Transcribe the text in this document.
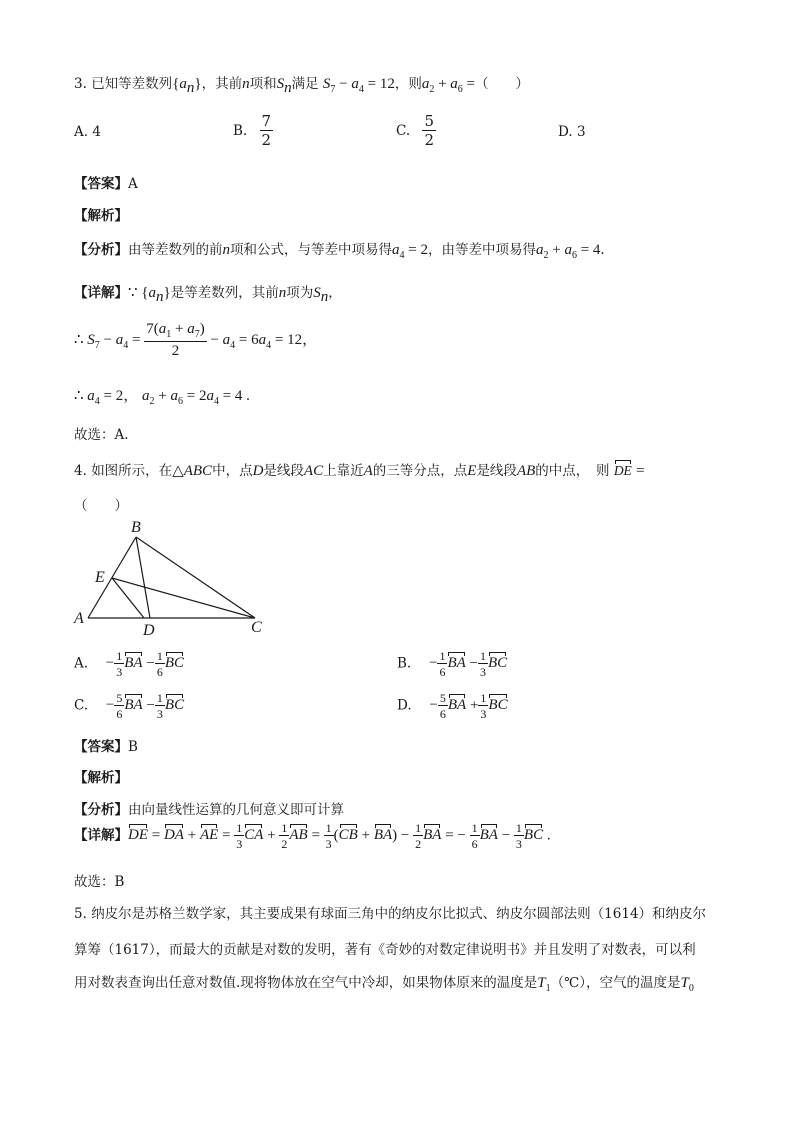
3. 已知等差数列$\{a_n\}$，其前n项和$S_n$满足 $S_7 - a_4 = 12$，则$a_2 + a_6$ =（　　）
A. 4	B. $\frac{7}{2}$	C. $\frac{5}{2}$	D. 3
【答案】A
【解析】
【分析】由等差数列的前n项和公式，与等差中项易得$a_4 = 2$，由等差中项易得$a_2 + a_6 = 4$.
【详解】∵ $\{a_n\}$是等差数列，其前n项为$S_n$，
∴ $S_7 - a_4 = \frac{7(a_1 + a_7)}{2} - a_4 = 6a_4 = 12$，
∴ $a_4 = 2$， $a_2 + a_6 = 2a_4 = 4$ .
故选：A.
4. 如图所示，在△ABC中，点D是线段AC上靠近A的三等分点，点E是线段AB的中点，　则 DE =
（　　）
B
E
A
D	C
A. − $\frac{1}{3}$ BA − $\frac{1}{6}$ BC	B. − $\frac{1}{6}$ BA − $\frac{1}{3}$ BC
C. − $\frac{5}{6}$ BA − $\frac{1}{3}$ BC	D. − $\frac{5}{6}$ BA + $\frac{1}{3}$ BC
【答案】B
【解析】
【分析】由向量线性运算的几何意义即可计算
【详解】DE = DA + AE = $\frac{1}{3}$ CA + $\frac{1}{2}$ AB = $\frac{1}{3} (CB + BA) - \frac{1}{2}$ BA = − $\frac{1}{6}$ BA − $\frac{1}{3}$ BC .
故选：B
5. 纳皮尔是苏格兰数学家，其主要成果有球面三角中的纳皮尔比拟式、纳皮尔圆部法则（1614）和纳皮尔
算筹（1617），而最大的贡献是对数的发明，著有《奇妙的对数定律说明书》并且发明了对数表，可以利
用对数表查询出任意对数值.现将物体放在空气中冷却，如果物体原来的温度是$T_1(℃)$，空气的温度是$T_0$
